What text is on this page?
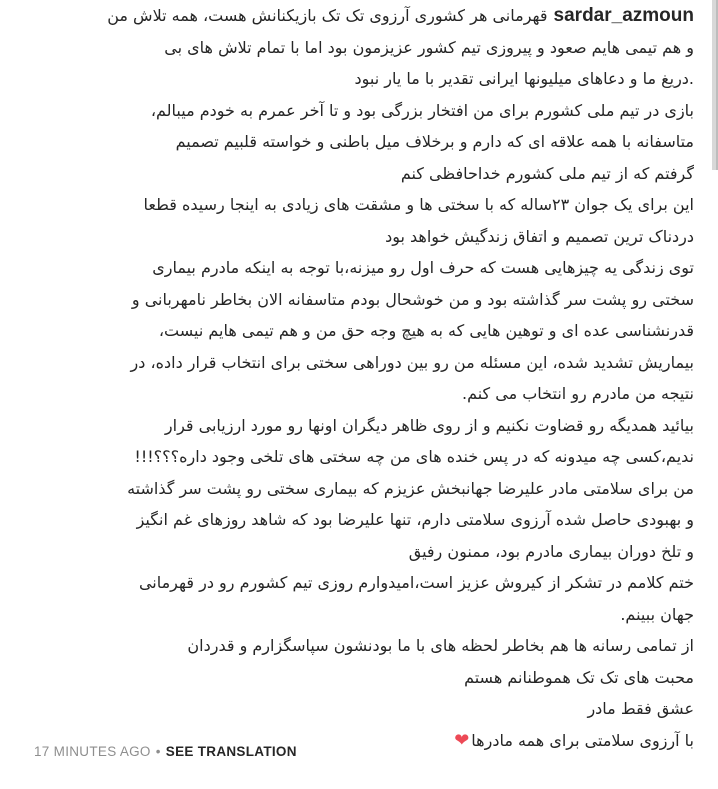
sardar_azmounقهرمانی هر کشوری آرزوی تک تک بازیکنانش هست، همه تلاش من
و هم تیمی هایم صعود و پیروزی تیم کشور عزیزمون بود اما با تمام تلاش های بی
.دریغ ما و دعاهای میلیونها ایرانی تقدیر با ما یار نبود
بازی در تیم ملی کشورم برای من افتخار بزرگی بود و تا آخر عمرم به خودم میبالم،
متاسفانه با همه علاقه ای که دارم و برخلاف میل باطنی و خواسته قلبیم تصمیم
گرفتم که از تیم ملی کشورم خداحافظی کنم
این برای یک جوان ۲۳ساله که با سختی ها و مشقت های زیادی به اینجا رسیده قطعا
دردناک ترین تصمیم و اتفاق زندگیش خواهد بود
توی زندگی یه چیزهایی هست که حرف اول رو میزنه،با توجه به اینکه مادرم بیماری
سختی رو پشت سر گذاشته بود و من خوشحال بودم متاسفانه الان بخاطر نامهربانی و
قدرنشناسی عده ای و توهین هایی که به هیچ وجه حق من و هم تیمی هایم نیست،
بیماریش تشدید شده، این مسئله من رو بین دوراهی سختی برای انتخاب قرار داده، در
نتیجه من مادرم رو انتخاب می کنم.
بیائید همدیگه رو قضاوت نکنیم و از روی ظاهر دیگران اونها رو مورد ارزیابی قرار
ندیم،کسی چه میدونه که در پس خنده های من چه سختی های تلخی وجود داره؟؟؟!!!
من برای سلامتی مادر علیرضا جهانبخش عزیزم که بیماری سختی رو پشت سر گذاشته
و بهبودی حاصل شده آرزوی سلامتی دارم، تنها علیرضا بود که شاهد روزهای غم انگیز
و تلخ دوران بیماری مادرم بود، ممنون رفیق
ختم کلامم در تشکر از کیروش عزیز است،امیدوارم روزی تیم کشورم رو در قهرمانی
جهان ببینم.
از تمامی رسانه ها هم بخاطر لحظه های با ما بودنشون سپاسگزارم و قدردان
محبت های تک تک هموطنانم هستم
عشق فقط مادر
با آرزوی سلامتی برای همه مادرها❤
17 MINUTES AGO • SEE TRANSLATION
